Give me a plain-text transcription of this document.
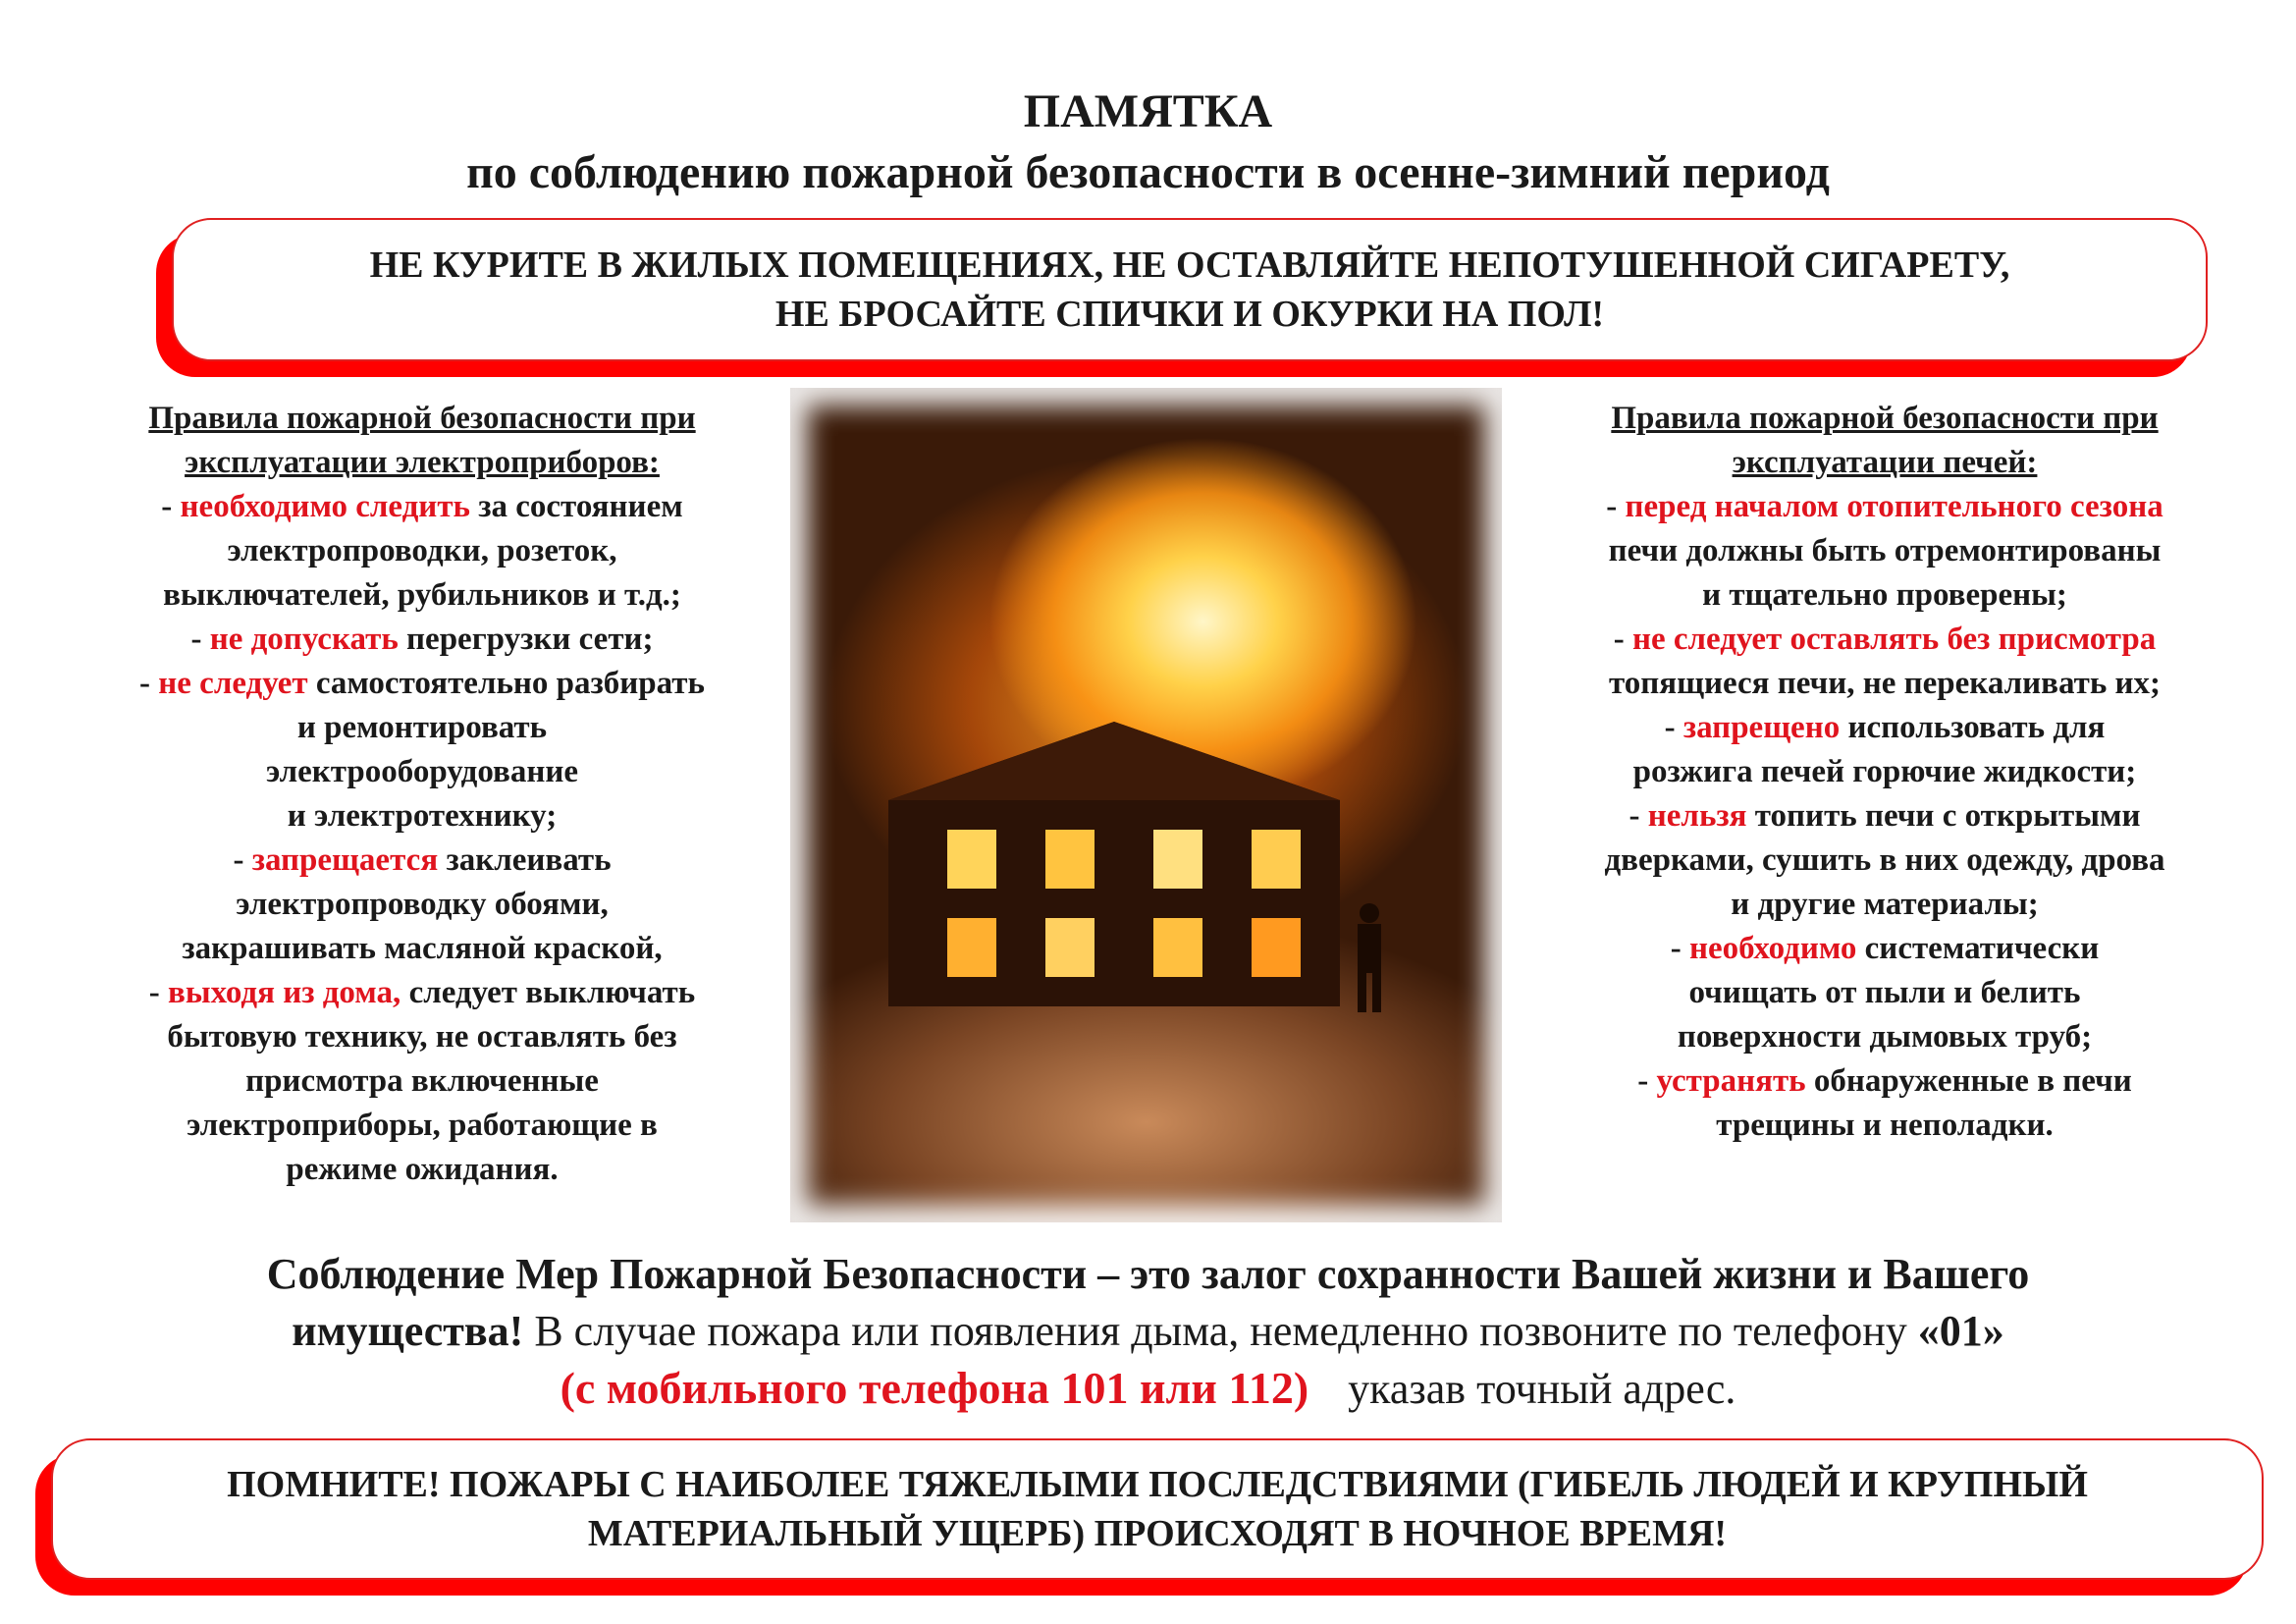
ПАМЯТКА
по соблюдению пожарной безопасности в осенне-зимний период
НЕ КУРИТЕ В ЖИЛЫХ ПОМЕЩЕНИЯХ, НЕ ОСТАВЛЯЙТЕ НЕПОТУШЕННОЙ СИГАРЕТУ,
НЕ БРОСАЙТЕ СПИЧКИ И ОКУРКИ НА ПОЛ!
Правила пожарной безопасности при
эксплуатации электроприборов:
- необходимо следить за состоянием
электропроводки, розеток,
выключателей, рубильников и т.д.;
- не допускать перегрузки сети;
- не следует самостоятельно разбирать
и ремонтировать
электрооборудование
и электротехнику;
- запрещается заклеивать
электропроводку обоями,
закрашивать масляной краской,
- выходя из дома, следует выключать
бытовую технику, не оставлять без
присмотра включенные
электроприборы, работающие в
режиме ожидания.
Правила пожарной безопасности при
эксплуатации печей:
- перед началом отопительного сезона
печи должны быть отремонтированы
и тщательно проверены;
- не следует оставлять без присмотра
топящиеся печи, не перекаливать их;
- запрещено использовать для
розжига печей горючие жидкости;
- нельзя топить печи с открытыми
дверками, сушить в них одежду, дрова
и другие материалы;
- необходимо систематически
очищать от пыли и белить
поверхности дымовых труб;
- устранять обнаруженные в печи
трещины и неполадки.
Соблюдение Мер Пожарной Безопасности – это залог сохранности Вашей жизни и Вашего
имущества! В случае пожара или появления дыма, немедленно позвоните по телефону «01»
(с мобильного телефона 101 или 112) указав точный адрес.
ПОМНИТЕ! ПОЖАРЫ С НАИБОЛЕЕ ТЯЖЕЛЫМИ ПОСЛЕДСТВИЯМИ (ГИБЕЛЬ ЛЮДЕЙ И КРУПНЫЙ
МАТЕРИАЛЬНЫЙ УЩЕРБ) ПРОИСХОДЯТ В НОЧНОЕ ВРЕМЯ!
